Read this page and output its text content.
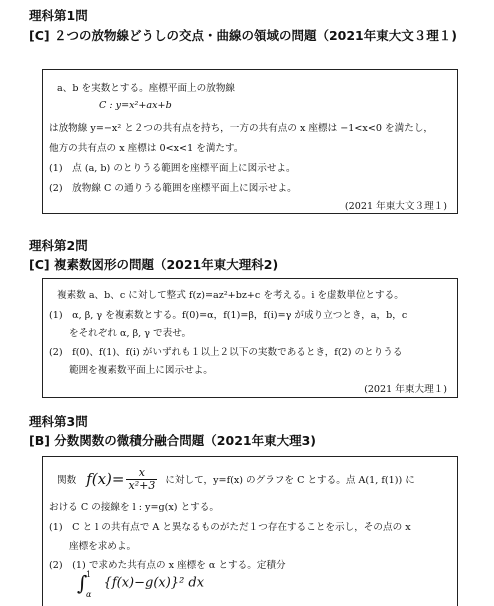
理科第1問
[C] ２つの放物線どうしの交点・曲線の領域の問題（2021年東大文３理１)
a、b を実数とする。座標平面上の放物線
C : y=x²+ax+b
は放物線 y=−x² と２つの共有点を持ち，一方の共有点の x 座標は −1<x<0 を満たし，
他方の共有点の x 座標は 0<x<1 を満たす。
(1)　点 (a, b) のとりうる範囲を座標平面上に図示せよ。
(2)　放物線 C の通りうる範囲を座標平面上に図示せよ。
(2021 年東大文３理１)
理科第2問
[C] 複素数図形の問題（2021年東大理科2)
複素数 a、b、c に対して整式 f(z)=az²+bz+c を考える。i を虚数単位とする。
(1)　α, β, γ を複素数とする。f(0)=α，f(1)=β，f(i)=γ が成り立つとき，a，b，c
をそれぞれ α, β, γ で表せ。
(2)　f(0)、f(1)、f(i) がいずれも１以上２以下の実数であるとき，f(2) のとりうる
範囲を複素数平面上に図示せよ。
(2021 年東大理１)
理科第3問
[B] 分数関数の微積分融合問題（2021年東大理3)
関数 $f(x)= \frac{x}{\text{x²+3}}$ に対して，y=f(x) のグラフを C とする。点 A(1, f(1)) に
おける C の接線を l : y=g(x) とする。
(1)　C と l の共有点で A と異なるものがただ１つ存在することを示し，その点の x
座標を求めよ。
(2)　(1) で求めた共有点の x 座標を α とする。定積分
∫
1
α
{f(x)−g(x)}² dx
